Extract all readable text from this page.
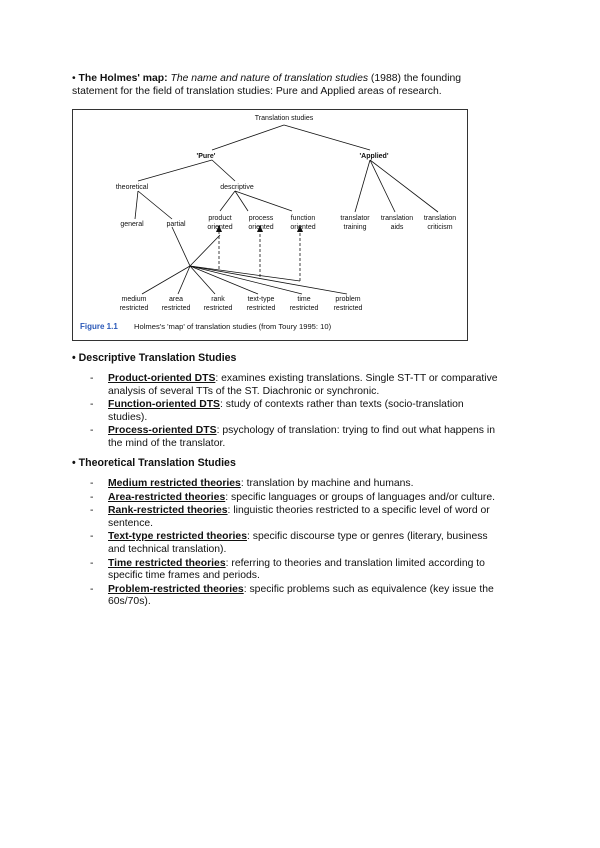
• The Holmes' map: The name and nature of translation studies (1988) the founding
statement for the field of translation studies: Pure and Applied areas of research.
Translation studies
'Pure'	'Applied'
theoretical	descriptive
general	partial
product
oriented
process
oriented
function
oriented
translator
training
translation
aids
translation
criticism
medium
restricted
area
restricted
rank
restricted
text-type
restricted
time
restricted
problem
restricted
Figure 1.1 Holmes's 'map' of translation studies (from Toury 1995: 10)
• Descriptive Translation Studies
- Product-oriented DTS: examines existing translations. Single ST-TT or comparative
analysis of several TTs of the ST. Diachronic or synchronic.
- Function-oriented DTS: study of contexts rather than texts (socio-translation
studies).
- Process-oriented DTS: psychology of translation: trying to find out what happens in
the mind of the translator.
• Theoretical Translation Studies
- Medium restricted theories: translation by machine and humans.
- Area-restricted theories: specific languages or groups of languages and/or culture.
- Rank-restricted theories: linguistic theories restricted to a specific level of word or
sentence.
- Text-type restricted theories: specific discourse type or genres (literary, business
and technical translation).
- Time restricted theories: referring to theories and translation limited according to
specific time frames and periods.
- Problem-restricted theories: specific problems such as equivalence (key issue the
60s/70s).
